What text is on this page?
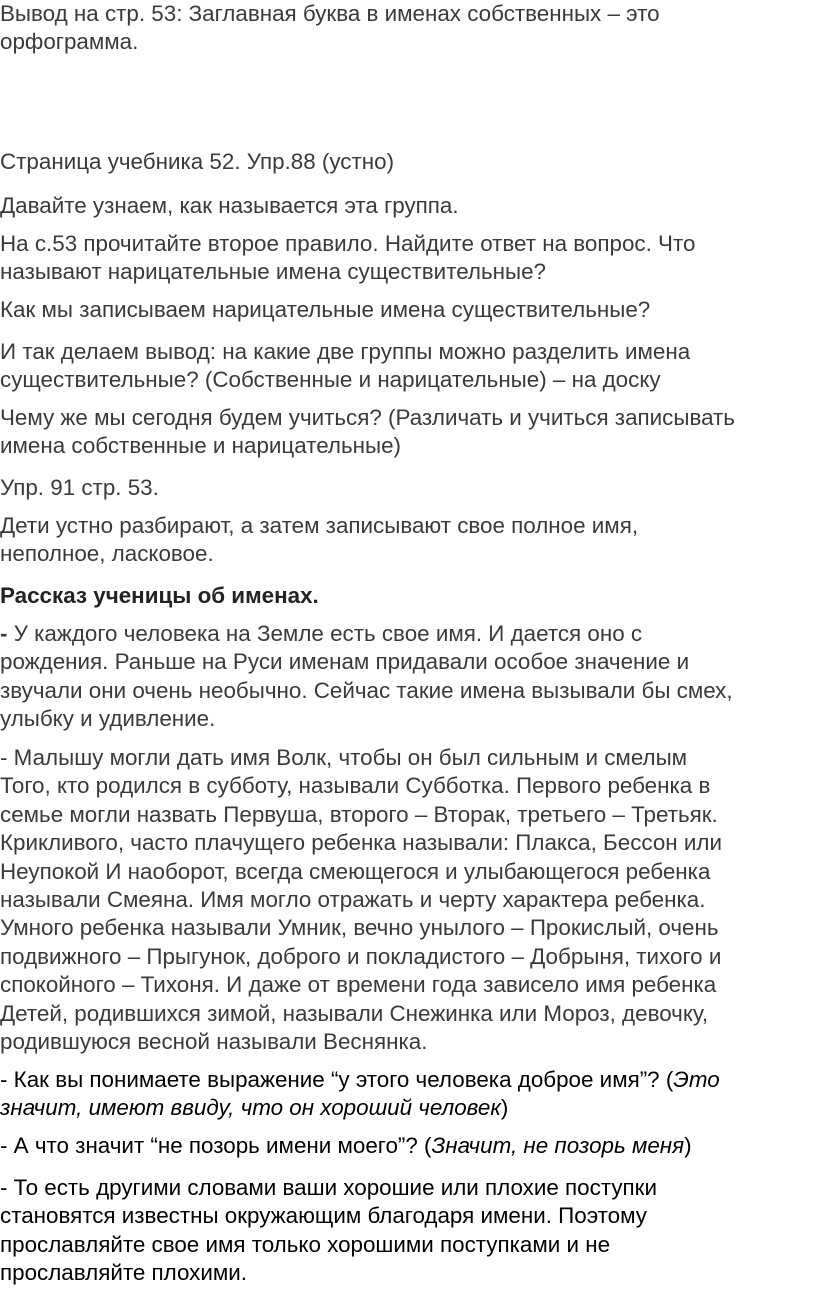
Вывод на стр. 53: Заглавная буква в именах собственных – это
орфограмма.

Страница учебника 52. Упр.88 (устно)

Давайте узнаем, как называется эта группа.

На с.53 прочитайте второе правило. Найдите ответ на вопрос. Что
называют нарицательные имена существительные?

Как мы записываем нарицательные имена существительные?

И так делаем вывод: на какие две группы можно разделить имена
существительные? (Собственные и нарицательные) – на доску

Чему же мы сегодня будем учиться? (Различать и учиться записывать
имена собственные и нарицательные)

Упр. 91 стр. 53.

Дети устно разбирают, а затем записывают свое полное имя,
неполное, ласковое.

Рассказ ученицы об именах.

- У каждого человека на Земле есть свое имя. И дается оно с
рождения. Раньше на Руси именам придавали особое значение и
звучали они очень необычно. Сейчас такие имена вызывали бы смех,
улыбку и удивление.

- Малышу могли дать имя Волк, чтобы он был сильным и смелым
Того, кто родился в субботу, называли Субботка. Первого ребенка в
семье могли назвать Первуша, второго – Вторак, третьего – Третьяк.
Крикливого, часто плачущего ребенка называли: Плакса, Бессон или
Неупокой И наоборот, всегда смеющегося и улыбающегося ребенка
называли Смеяна. Имя могло отражать и черту характера ребенка.
Умного ребенка называли Умник, вечно унылого – Прокислый, очень
подвижного – Прыгунок, доброго и покладистого – Добрыня, тихого и
спокойного – Тихоня. И даже от времени года зависело имя ребенка
Детей, родившихся зимой, называли Снежинка или Мороз, девочку,
родившуюся весной называли Веснянка.

- Как вы понимаете выражение “у этого человека доброе имя”? (Это
значит, имеют ввиду, что он хороший человек)

- А что значит “не позорь имени моего”? (Значит, не позорь меня)

- То есть другими словами ваши хорошие или плохие поступки
становятся известны окружающим благодаря имени. Поэтому
прославляйте свое имя только хорошими поступками и не
прославляйте плохими.
